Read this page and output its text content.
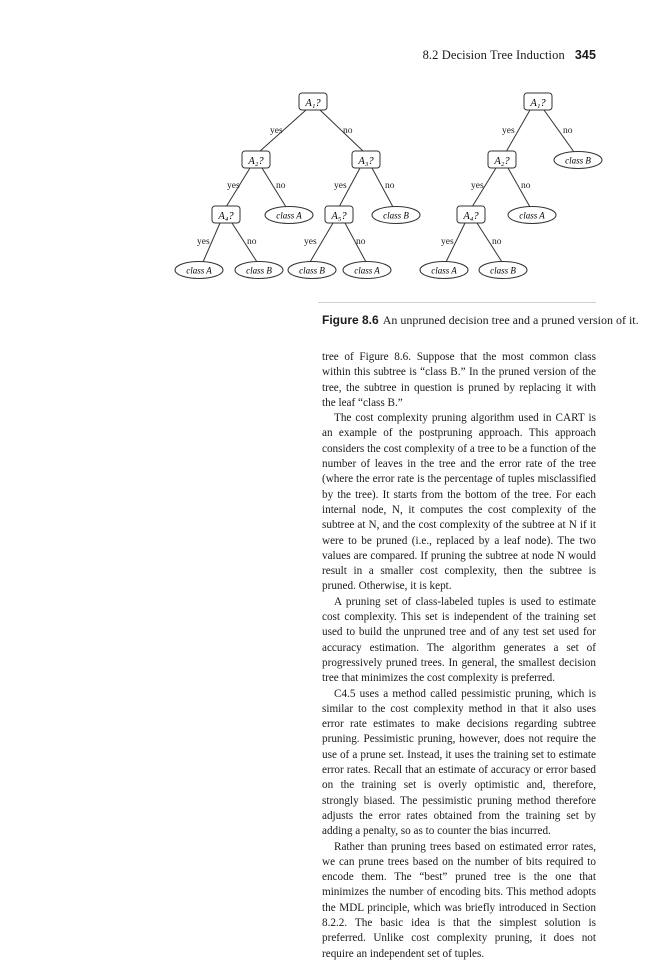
8.2 Decision Tree Induction 345
A₁?
A₂?	A₃?
A₄?	class A	A₅?	class B
class A	class B	class B	class A
A₁?
A₂?	class B
A₄?	class A
class A	class B
yes	no
yes	no	yes	no
yes	no	yes	no
yes	no
yes	no
yes	no
Figure 8.6 An unpruned decision tree and a pruned version of it.

tree of Figure 8.6. Suppose that the most common class within this subtree is “class B.” In the pruned version of the tree, the subtree in question is pruned by replacing it with the leaf “class B.”

The cost complexity pruning algorithm used in CART is an example of the postpruning approach. This approach considers the cost complexity of a tree to be a function of the number of leaves in the tree and the error rate of the tree (where the error rate is the percentage of tuples misclassified by the tree). It starts from the bottom of the tree. For each internal node, N, it computes the cost complexity of the subtree at N, and the cost complexity of the subtree at N if it were to be pruned (i.e., replaced by a leaf node). The two values are compared. If pruning the subtree at node N would result in a smaller cost complexity, then the subtree is pruned. Otherwise, it is kept.

A pruning set of class-labeled tuples is used to estimate cost complexity. This set is independent of the training set used to build the unpruned tree and of any test set used for accuracy estimation. The algorithm generates a set of progressively pruned trees. In general, the smallest decision tree that minimizes the cost complexity is preferred.

C4.5 uses a method called pessimistic pruning, which is similar to the cost complexity method in that it also uses error rate estimates to make decisions regarding subtree pruning. Pessimistic pruning, however, does not require the use of a prune set. Instead, it uses the training set to estimate error rates. Recall that an estimate of accuracy or error based on the training set is overly optimistic and, therefore, strongly biased. The pessimistic pruning method therefore adjusts the error rates obtained from the training set by adding a penalty, so as to counter the bias incurred.

Rather than pruning trees based on estimated error rates, we can prune trees based on the number of bits required to encode them. The “best” pruned tree is the one that minimizes the number of encoding bits. This method adopts the MDL principle, which was briefly introduced in Section 8.2.2. The basic idea is that the simplest solution is preferred. Unlike cost complexity pruning, it does not require an independent set of tuples.
